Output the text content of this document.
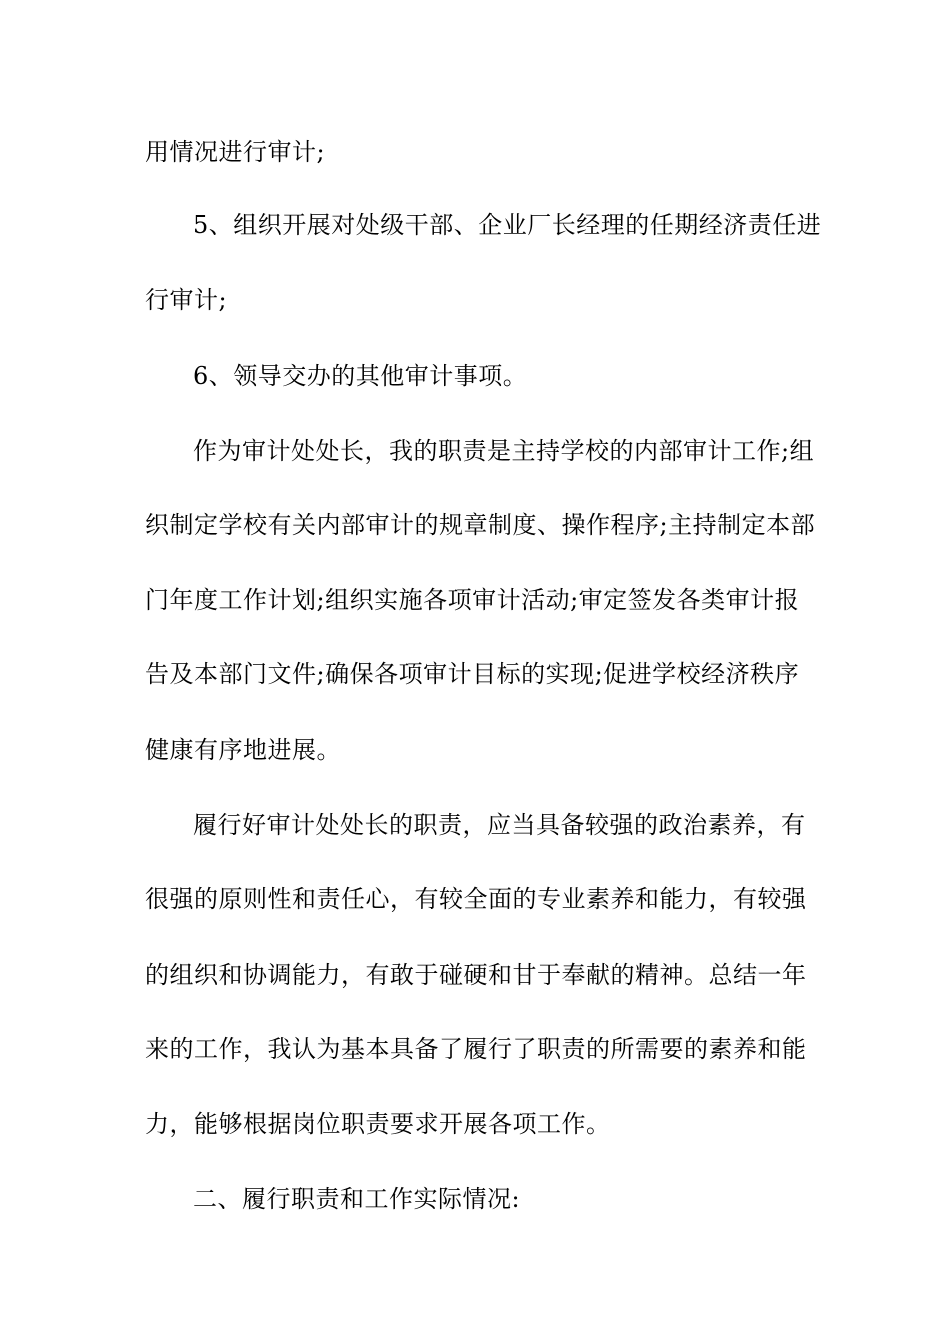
用情况进行审计;
5、组织开展对处级干部、企业厂长经理的任期经济责任进
行审计;
6、领导交办的其他审计事项。
作为审计处处长，我的职责是主持学校的内部审计工作;组
织制定学校有关内部审计的规章制度、操作程序;主持制定本部
门年度工作计划;组织实施各项审计活动;审定签发各类审计报
告及本部门文件;确保各项审计目标的实现;促进学校经济秩序
健康有序地进展。
履行好审计处处长的职责，应当具备较强的政治素养，有
很强的原则性和责任心，有较全面的专业素养和能力，有较强
的组织和协调能力，有敢于碰硬和甘于奉献的精神。总结一年
来的工作，我认为基本具备了履行了职责的所需要的素养和能
力，能够根据岗位职责要求开展各项工作。
二、履行职责和工作实际情况:
